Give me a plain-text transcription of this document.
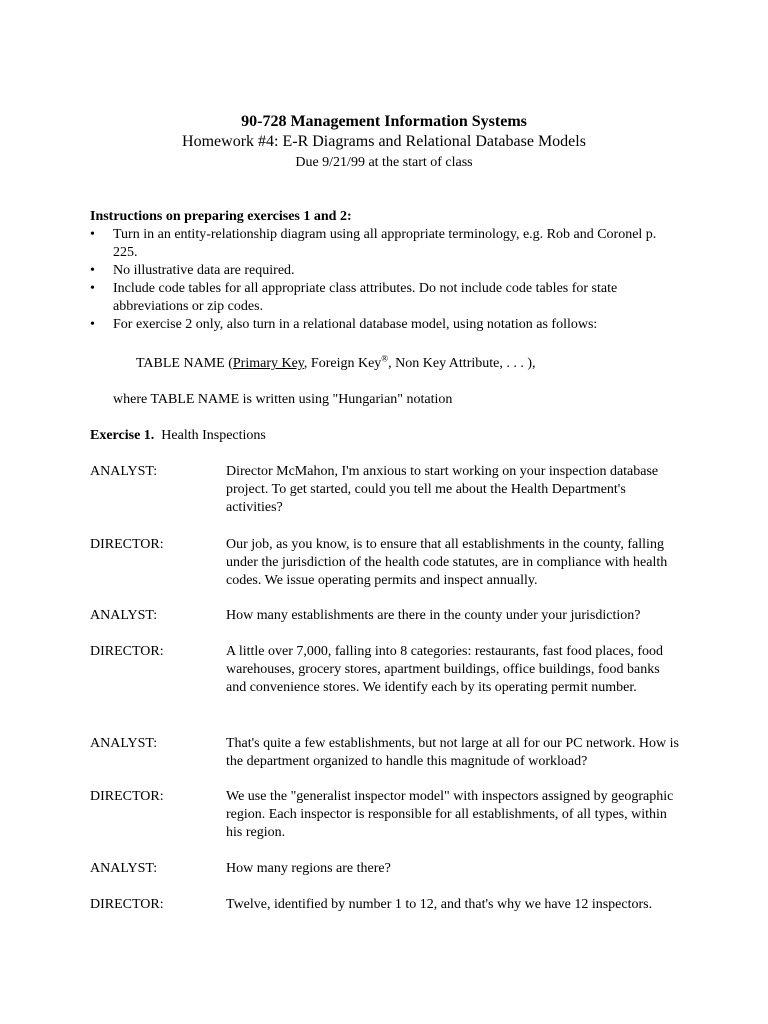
90-728 Management Information Systems
Homework #4: E-R Diagrams and Relational Database Models
Due 9/21/99 at the start of class
Instructions on preparing exercises 1 and 2:
• Turn in an entity-relationship diagram using all appropriate terminology, e.g. Rob and Coronel p. 225.
• No illustrative data are required.
• Include code tables for all appropriate class attributes. Do not include code tables for state abbreviations or zip codes.
• For exercise 2 only, also turn in a relational database model, using notation as follows:
TABLE NAME (Primary Key, Foreign Key®, Non Key Attribute, . . . ),
where TABLE NAME is written using "Hungarian" notation
Exercise 1. Health Inspections
ANALYST:	Director McMahon, I'm anxious to start working on your inspection database project. To get started, could you tell me about the Health Department's activities?
DIRECTOR:	Our job, as you know, is to ensure that all establishments in the county, falling under the jurisdiction of the health code statutes, are in compliance with health codes. We issue operating permits and inspect annually.
ANALYST:	How many establishments are there in the county under your jurisdiction?
DIRECTOR:	A little over 7,000, falling into 8 categories: restaurants, fast food places, food warehouses, grocery stores, apartment buildings, office buildings, food banks and convenience stores. We identify each by its operating permit number.
ANALYST:	That's quite a few establishments, but not large at all for our PC network. How is the department organized to handle this magnitude of workload?
DIRECTOR:	We use the "generalist inspector model" with inspectors assigned by geographic region. Each inspector is responsible for all establishments, of all types, within his region.
ANALYST:	How many regions are there?
DIRECTOR:	Twelve, identified by number 1 to 12, and that's why we have 12 inspectors.
